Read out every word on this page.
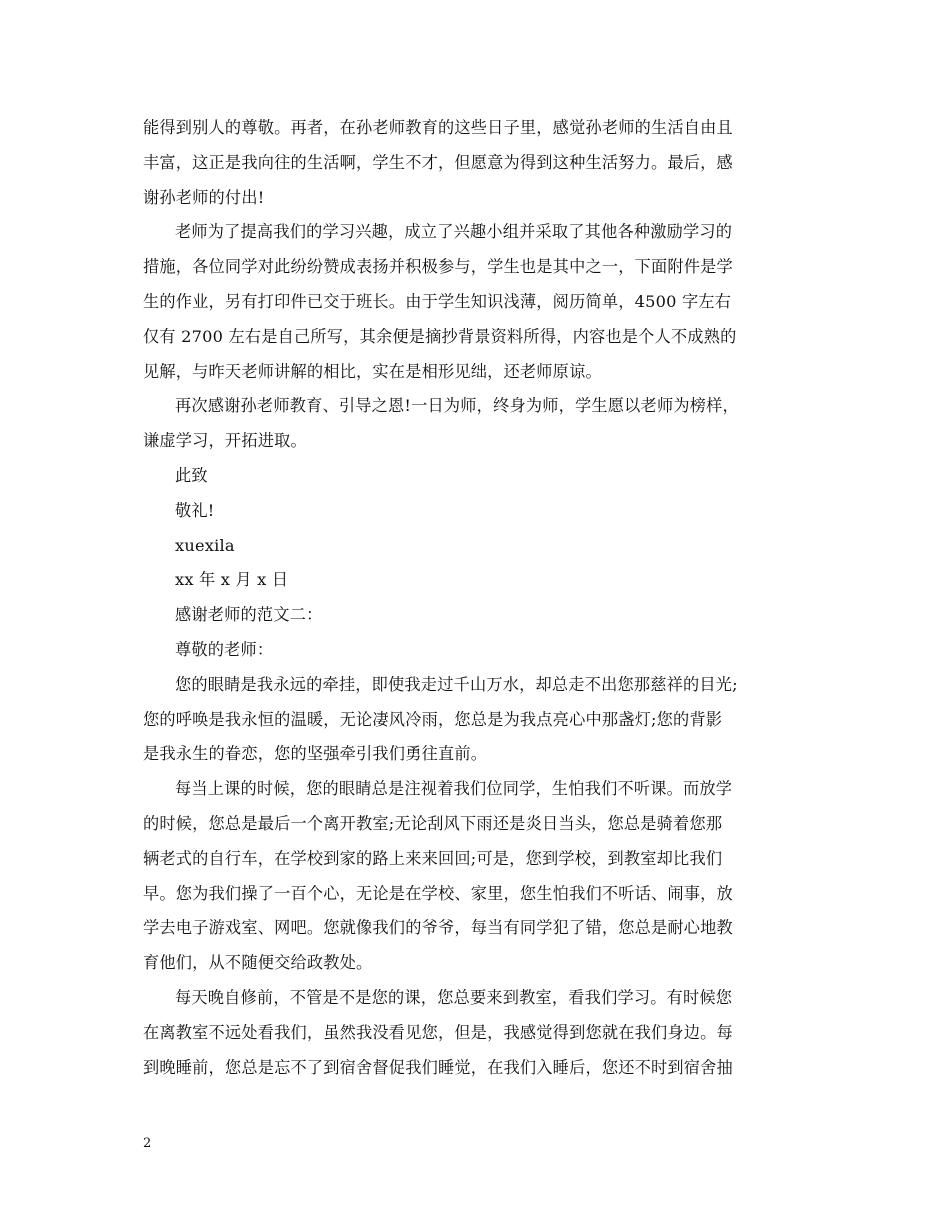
能得到别人的尊敬。再者，在孙老师教育的这些日子里，感觉孙老师的生活自由且
丰富，这正是我向往的生活啊，学生不才，但愿意为得到这种生活努力。最后，感
谢孙老师的付出!
老师为了提高我们的学习兴趣，成立了兴趣小组并采取了其他各种激励学习的
措施，各位同学对此纷纷赞成表扬并积极参与，学生也是其中之一，下面附件是学
生的作业，另有打印件已交于班长。由于学生知识浅薄，阅历简单，4500 字左右
仅有 2700 左右是自己所写，其余便是摘抄背景资料所得，内容也是个人不成熟的
见解，与昨天老师讲解的相比，实在是相形见绌，还老师原谅。
再次感谢孙老师教育、引导之恩!一日为师，终身为师，学生愿以老师为榜样，
谦虚学习，开拓进取。
此致
敬礼!
xuexila
xx 年 x 月 x 日
感谢老师的范文二：
尊敬的老师：
您的眼睛是我永远的牵挂，即使我走过千山万水，却总走不出您那慈祥的目光;
您的呼唤是我永恒的温暖，无论凄风冷雨，您总是为我点亮心中那盏灯;您的背影
是我永生的眷恋，您的坚强牵引我们勇往直前。
每当上课的时候，您的眼睛总是注视着我们位同学，生怕我们不听课。而放学
的时候，您总是最后一个离开教室;无论刮风下雨还是炎日当头，您总是骑着您那
辆老式的自行车，在学校到家的路上来来回回;可是，您到学校，到教室却比我们
早。您为我们操了一百个心，无论是在学校、家里，您生怕我们不听话、闹事，放
学去电子游戏室、网吧。您就像我们的爷爷，每当有同学犯了错，您总是耐心地教
育他们，从不随便交给政教处。
每天晚自修前，不管是不是您的课，您总要来到教室，看我们学习。有时候您
在离教室不远处看我们，虽然我没看见您，但是，我感觉得到您就在我们身边。每
到晚睡前，您总是忘不了到宿舍督促我们睡觉，在我们入睡后，您还不时到宿舍抽
2
